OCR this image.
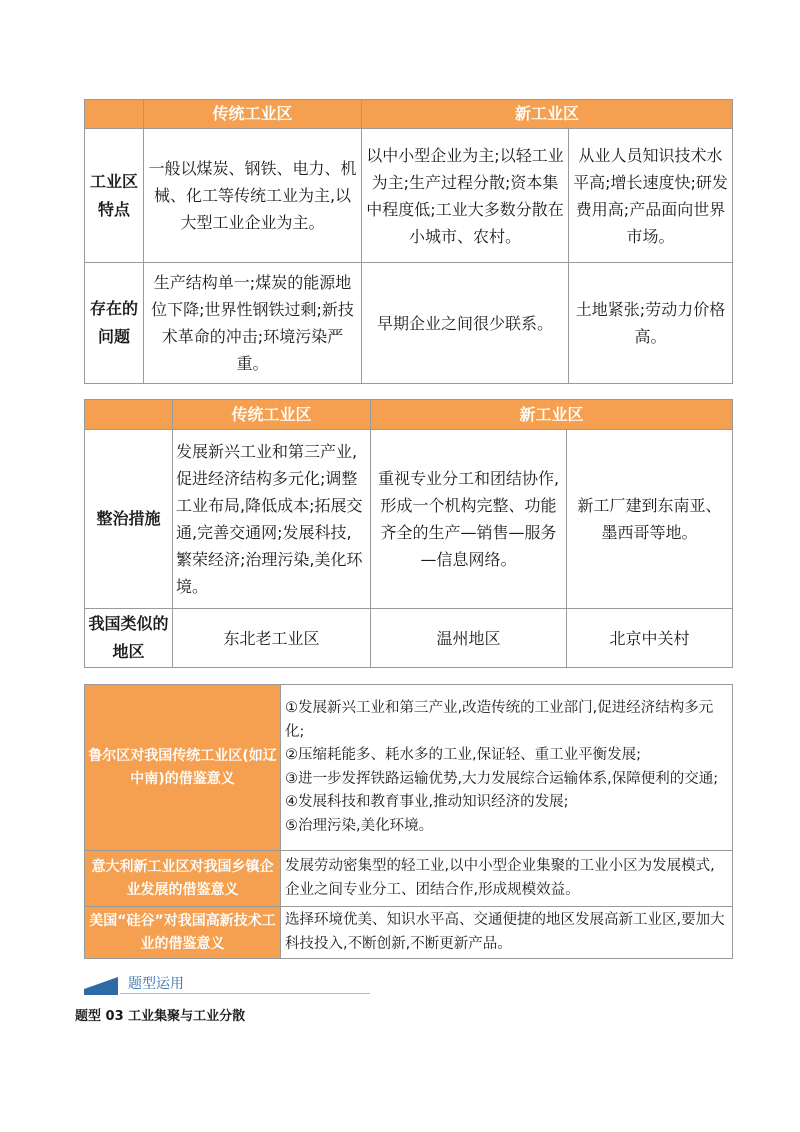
	传统工业区	新工业区	
工业区特点	一般以煤炭、钢铁、电力、机械、化工等传统工业为主,以大型工业企业为主。	以中小型企业为主;以轻工业为主;生产过程分散;资本集中程度低;工业大多数分散在小城市、农村。	从业人员知识技术水平高;增长速度快;研发费用高;产品面向世界市场。
存在的问题	生产结构单一;煤炭的能源地位下降;世界性钢铁过剩;新技术革命的冲击;环境污染严重。	早期企业之间很少联系。	土地紧张;劳动力价格高。
	传统工业区	新工业区	
整治措施	发展新兴工业和第三产业,促进经济结构多元化;调整工业布局,降低成本;拓展交通,完善交通网;发展科技,繁荣经济;治理污染,美化环境。	重视专业分工和团结协作,形成一个机构完整、功能齐全的生产—销售—服务—信息网络。	新工厂建到东南亚、墨西哥等地。
我国类似的地区	东北老工业区	温州地区	北京中关村
鲁尔区对我国传统工业区(如辽中南)的借鉴意义	①发展新兴工业和第三产业,改造传统的工业部门,促进经济结构多元化;
②压缩耗能多、耗水多的工业,保证轻、重工业平衡发展;
③进一步发挥铁路运输优势,大力发展综合运输体系,保障便利的交通;
④发展科技和教育事业,推动知识经济的发展;
⑤治理污染,美化环境。

意大利新工业区对我国乡镇企业发展的借鉴意义	发展劳动密集型的轻工业,以中小型企业集聚的工业小区为发展模式,企业之间专业分工、团结合作,形成规模效益。
美国“硅谷”对我国高新技术工业的借鉴意义	选择环境优美、知识水平高、交通便捷的地区发展高新工业区,要加大科技投入,不断创新,不断更新产品。
题型运用
题型 03 工业集聚与工业分散
